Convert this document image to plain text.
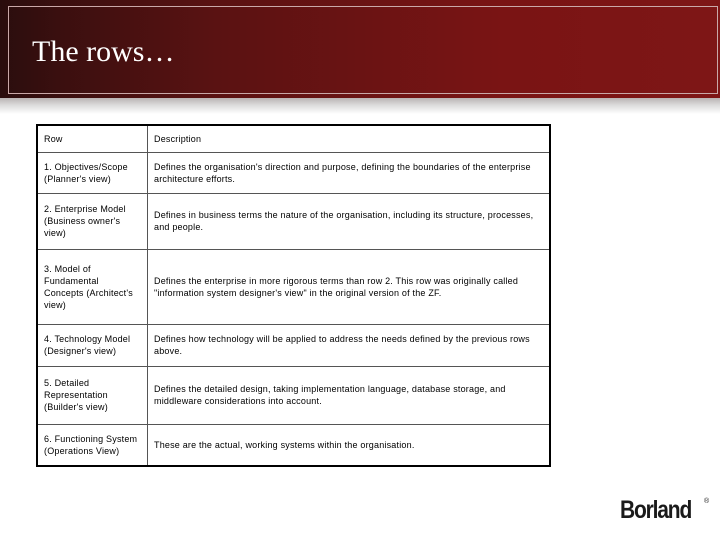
The rows…
Row	Description
1. Objectives/Scope (Planner's view)	Defines the organisation's direction and purpose, defining the boundaries of the enterprise architecture efforts.
2. Enterprise Model (Business owner's view)	Defines in business terms the nature of the organisation, including its structure, processes, and people.
3. Model of Fundamental Concepts (Architect's view)	Defines the enterprise in more rigorous terms than row 2. This row was originally called "information system designer's view" in the original version of the ZF.
4. Technology Model (Designer's view)	Defines how technology will be applied to address the needs defined by the previous rows above.
5. Detailed Representation (Builder's view)	Defines the detailed design, taking implementation language, database storage, and middleware considerations into account.
6. Functioning System (Operations View)	These are the actual, working systems within the organisation.
Borland ®
